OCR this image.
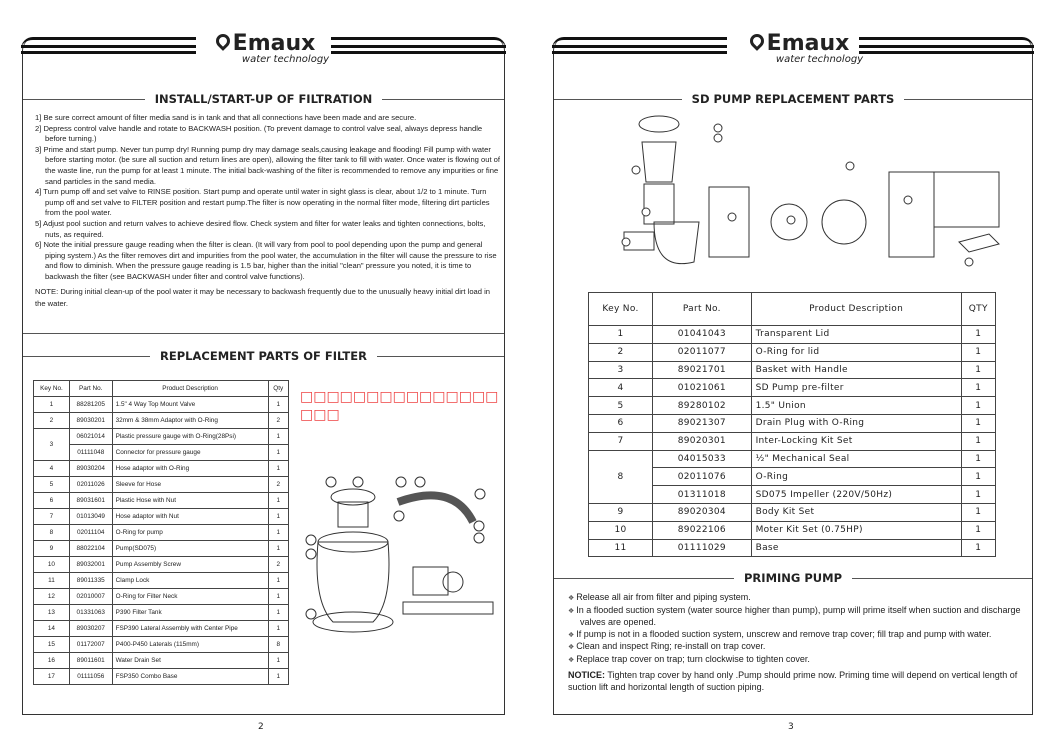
□□□□□□□□□□□□□□□□□□
Emaux
water technology
INSTALL/START-UP OF FILTRATION

1] Be sure correct amount of filter media sand is in tank and that all connections have been made and are secure.

2] Depress control valve handle and rotate to BACKWASH position. (To prevent damage to control valve seal, always depress handle before turning.)

3] Prime and start pump. Never tun pump dry! Running pump dry may damage seals,causing leakage and flooding! Fill pump with water before starting motor. (be sure all suction and return lines are open), allowing the filter tank to fill with water. Once water is flowing out of the waste line, run the pump for at least 1 minute. The initial back-washing of the filter is recommended to remove any impurities or fine sand particles in the sand media.

4] Turn pump off and set valve to RINSE position. Start pump and operate until water in sight glass is clear, about 1/2 to 1 minute. Turn pump off and set valve to FILTER position and restart pump.The filter is now operating in the normal filter mode, filtering dirt particles from the pool water.

5] Adjust pool suction and return valves to achieve desired flow. Check system and filter for water leaks and tighten connections, bolts, nuts, as required.

6] Note the initial pressure gauge reading when the filter is clean. (It will vary from pool to pool depending upon the pump and general piping system.) As the filter removes dirt and impurities from the pool water, the accumulation in the filter will cause the pressure to rise and flow to diminish. When the pressure gauge reading is 1.5 bar, higher than the initial "clean" pressure you noted, it is time to backwash the filter (see BACKWASH under filter and control valve functions).

NOTE: During initial clean-up of the pool water it may be necessary to backwash frequently due to the unusually heavy initial dirt load in the water.

REPLACEMENT PARTS OF FILTER
Key No.	Part No.	Product Description	Qty
1	88281205	1.5" 4 Way Top Mount Valve	1
2	89030201	32mm & 38mm Adaptor with O-Ring	2
3	06021014	Plastic pressure gauge with O-Ring(28Psi)	1
	01111048	Connector for pressure gauge	1
4	89030204	Hose adaptor with O-Ring	1
5	02011026	Sleeve for Hose	2
6	89031601	Plastic Hose with Nut	1
7	01013049	Hose adaptor with Nut	1
8	02011104	O-Ring for pump	1
9	88022104	Pump(SD075)	1
10	89032001	Pump Assembly Screw	2
11	89011335	Clamp Lock	1
12	02010007	O-Ring for Filter Neck	1
13	01331063	P390 Filter Tank	1
14	89030207	FSP390 Lateral Assembly with Center Pipe	1
15	01172007	P400-P450 Laterals (115mm)	8
16	89011601	Water Drain Set	1
17	01111056	FSP350 Combo Base	1
2
Emaux
water technology
SD PUMP REPLACEMENT PARTS
Key No.	Part No.	Product Description	QTY
1	01041043	Transparent Lid	1
2	02011077	O-Ring for lid	1
3	89021701	Basket with Handle	1
4	01021061	SD Pump pre-filter	1
5	89280102	1.5" Union	1
6	89021307	Drain Plug with O-Ring	1
7	89020301	Inter-Locking Kit Set	1
8	04015033	½" Mechanical Seal	1
	02011076	O-Ring	1
	01311018	SD075 Impeller (220V/50Hz)	1
9	89020304	Body Kit Set	1
10	89022106	Moter Kit Set (0.75HP)	1
11	01111029	Base	1
PRIMING PUMP
❖ Release all air from filter and piping system.
❖ In a flooded suction system (water source higher than pump), pump will prime itself when suction and discharge valves are opened.
❖ If pump is not in a flooded suction system, unscrew and remove trap cover; fill trap and pump with water.
❖ Clean and inspect Ring; re-install on trap cover.
❖ Replace trap cover on trap; turn clockwise to tighten cover.
NOTICE: Tighten trap cover by hand only .Pump should prime now. Priming time will depend on vertical length of suction lift and horizontal length of suction piping.
3
